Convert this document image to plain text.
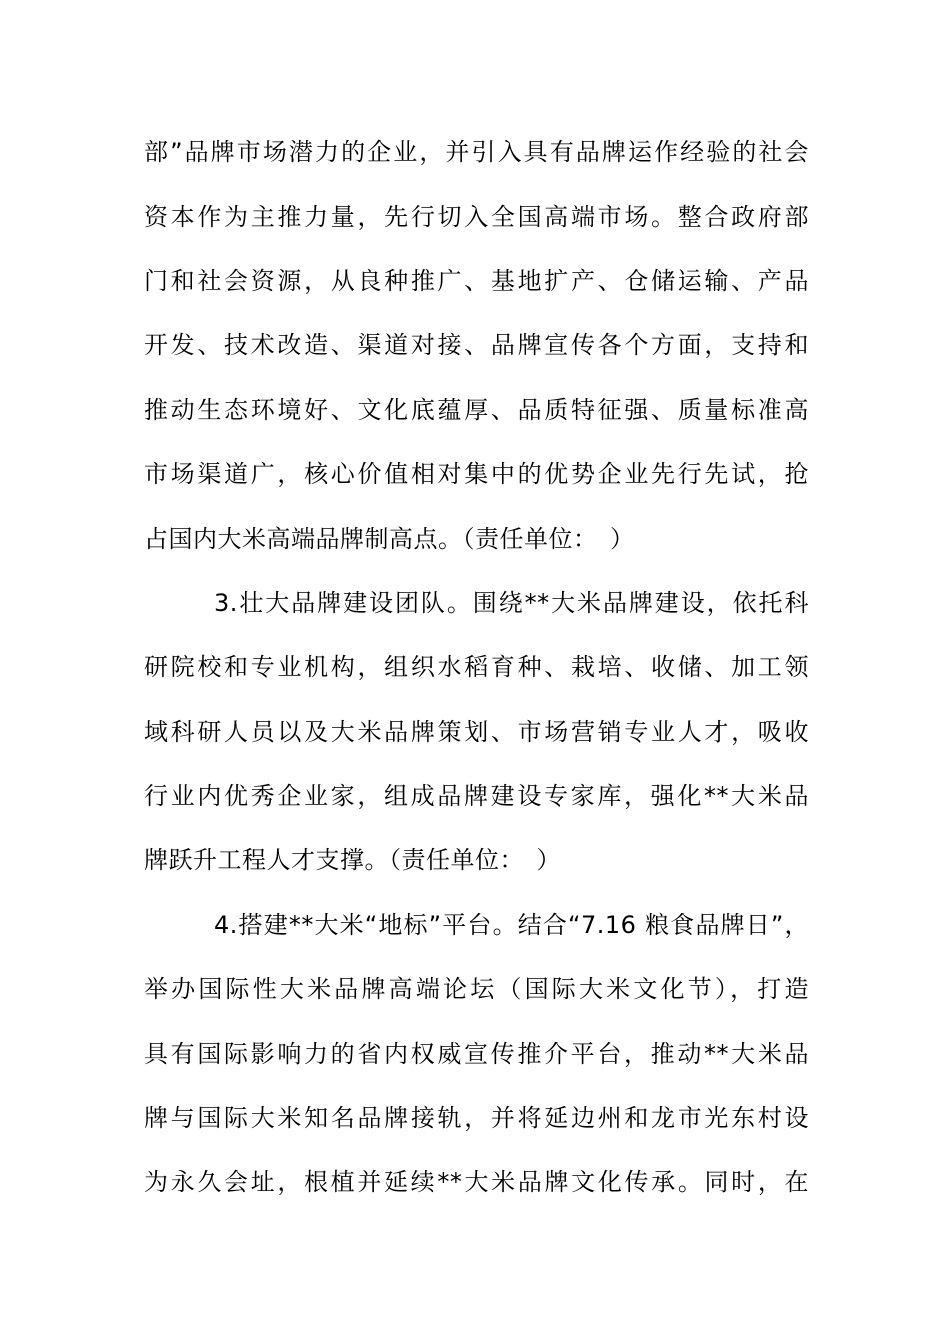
部”品牌市场潜力的企业，并引入具有品牌运作经验的社会
资本作为主推力量，先行切入全国高端市场。整合政府部
门和社会资源，从良种推广、基地扩产、仓储运输、产品
开发、技术改造、渠道对接、品牌宣传各个方面，支持和
推动生态环境好、文化底蕴厚、品质特征强、质量标准高
市场渠道广，核心价值相对集中的优势企业先行先试，抢
占国内大米高端品牌制高点。（责任单位：　）
3.壮大品牌建设团队。围绕**大米品牌建设，依托科
研院校和专业机构，组织水稻育种、栽培、收储、加工领
域科研人员以及大米品牌策划、市场营销专业人才，吸收
行业内优秀企业家，组成品牌建设专家库，强化**大米品
牌跃升工程人才支撑。（责任单位：　）
4.搭建**大米“地标”平台。结合“7.16 粮食品牌日”，
举办国际性大米品牌高端论坛（国际大米文化节），打造
具有国际影响力的省内权威宣传推介平台，推动**大米品
牌与国际大米知名品牌接轨，并将延边州和龙市光东村设
为永久会址，根植并延续**大米品牌文化传承。同时，在
